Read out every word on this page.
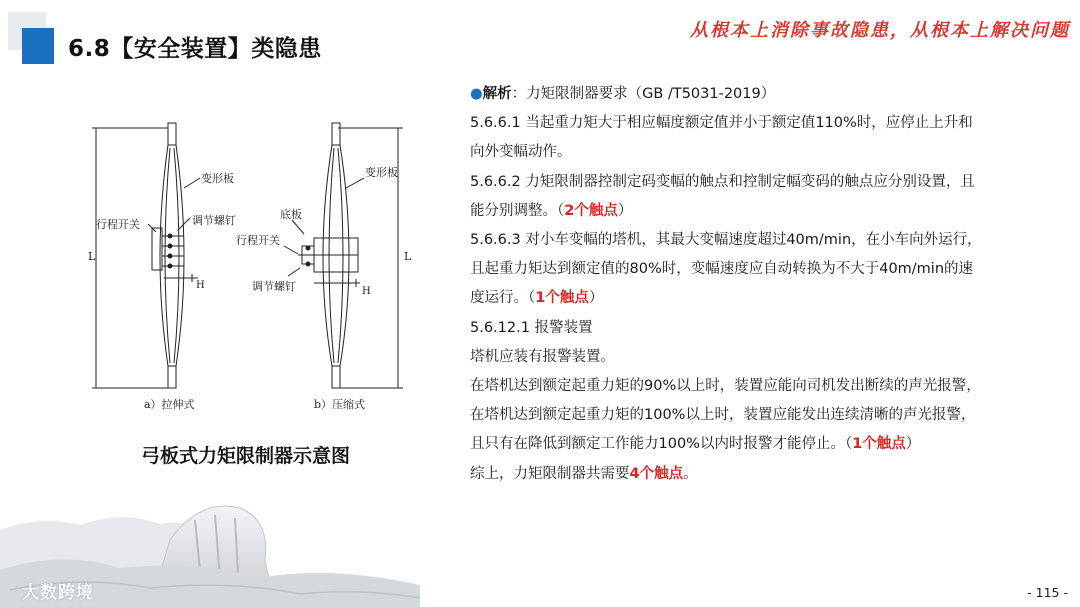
6.8【安全装置】类隐患
从根本上消除事故隐患，从根本上解决问题
变形板
行程开关	调节螺钉
L
H
a）拉伸式
变形板
底板
行程开关
调节螺钉
L
H
b）压缩式
弓板式力矩限制器示意图

●解析：力矩限制器要求（GB /T5031-2019）

5.6.6.1 当起重力矩大于相应幅度额定值并小于额定值110%时，应停止上升和

向外变幅动作。

5.6.6.2 力矩限制器控制定码变幅的触点和控制定幅变码的触点应分别设置，且

能分别调整。（2个触点）

5.6.6.3 对小车变幅的塔机，其最大变幅速度超过40m/min，在小车向外运行，

且起重力矩达到额定值的80%时，变幅速度应自动转换为不大于40m/min的速

度运行。（1个触点）

5.6.12.1 报警装置

塔机应装有报警装置。

在塔机达到额定起重力矩的90%以上时，装置应能向司机发出断续的声光报警，

在塔机达到额定起重力矩的100%以上时，装置应能发出连续清晰的声光报警，

且只有在降低到额定工作能力100%以内时报警才能停止。（1个触点）

综上，力矩限制器共需要4个触点。

大数跨境	- 115 -
